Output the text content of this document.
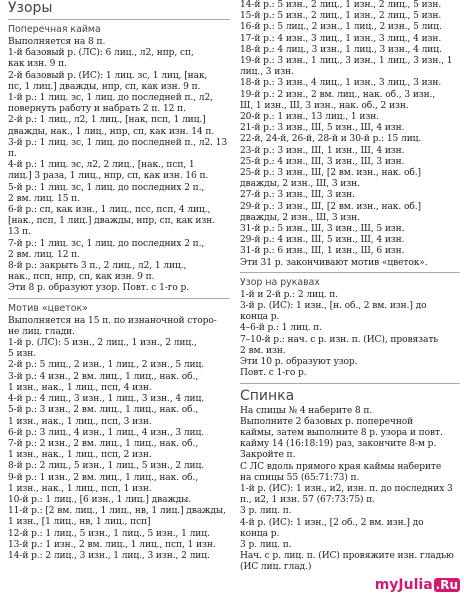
Узоры
Поперечная кайма
Выполняется на 8 п.
1-й базовый р. (ЛС): 6 лиц., л2, нпр, сп,
как изн. 9 п.
2-й базовый р. (ИС): 1 лиц. зс, 1 лиц, [нак,
пс, 1 лиц.] дважды, нпр, сп, как изн. 9 п.
1-й р.: 1 лиц. зс, 1 лиц. до последней п., л2,
повернуть работу и набрать 2 п. 12 п.
2-й р.: 1 лиц., л2, 1 лиц., [нак, псп, 1 лиц.]
дважды, нак., 1 лиц., нпр, сп, как изн. 14 п.
3-й р.: 1 лиц. зс, 1 лиц. до последней п., л2. 13 п.
4-й р.: 1 лиц. зс, л2, 2 лиц., [нак., псп, 1
лиц.] 3 раза, 1 лиц., нпр, сп, как изн. 16 п.
5-й р.: 1 лиц. зс, 1 лиц. до последних 2 п.,
2 вм. лиц. 15 п.
6-й р.: сп, как изн., 1 лиц., псс, псп, 4 лиц.,
[нак., псп, 1 лиц.] дважды, нпр, сп, как изн.
13 п.
7-й р.: 1 лиц. зс, 1 лиц. до последних 2 п.,
2 вм. лиц. 12 п.
8-й р.: закрыть 3 п., 2 лиц., л2, 1 лиц.,
нак., псп, нпр, сп, как изн. 9 п.
Эти 8 р. образуют узор. Повт. с 1-го р.
Мотив «цветок»
Выполняется на 15 п. по изнаночной сторо-
не лиц. глади.
1-й р. (ЛС): 5 изн., 2 лиц., 1 изн., 2 лиц.,
5 изн.
2-й р.: 5 лиц., 2 изн., 1 лиц., 2 изн., 5 лиц.
3-й р.: 4 изн., 2 вм. лиц., 1 лиц., нак. об.,
1 изн., нак., 1 лиц., псп, 4 изн.
4-й р.: 4 лиц., 3 изн., 1 лиц., 3 изн., 4 лиц.
5-й р.: 3 изн., 2 вм. лиц., 1 лиц., нак. об.,
1 изн., нак., 1 лиц., псп, 3 изн.
6-й р.: 3 лиц., 4 изн., 1 лиц., 4 изн., 3 лиц.
7-й р.: 2 изн., 2 вм. лиц., 1 лиц., нак. об.,
1 изн., нак., 1 лиц., псп, 2 изн.
8-й р.: 2 лиц., 5 изн., 1 лиц., 5 изн., 2 лиц.
9-й р.: 1 изн., 2 вм. лиц., 1 лиц., нак. об.,
1 изн., нак., 1 лиц., псп, 1 изн.
10-й р.: 1 лиц., [6 изн., 1 лиц.] дважды.
11-й р.: [2 вм. лиц., 1 лиц., нв, 1 лиц.] дважды, 1 изн., [1 лиц., нв, 1 лиц., псп]
12-й р.: 1 лиц., 5 изн., 1 лиц., 5 изн., 1 лиц.
13-й р.: 1 изн., 2 вм. лиц., 1 лиц., псп, 1 изн.
14-й р.: 2 лиц., 3 изн., 1 лиц., 3 изн., 2 лиц.
14-й р.: 5 изн., 2 лиц., 1 изн., 2 лиц., 5 изн.
15-й р.: 5 изн., 2 лиц., 1 изн., 2 лиц., 5 изн.
16-й р.: 5 лиц., 2 изн., 1 лиц., 2 изн., 5 лиц.
17-й р.: 4 изн., 3 лиц., 1 изн., 3 лиц., 4 изн.
18-й р.: 4 лиц., 3 изн., 1 лиц., 3 изн., 4 лиц.
19-й р.: 3 изн., 1 лиц., 3 изн., 1 лиц., 3 изн., 1 лиц., 3 изн.
18-й р.: 3 изн., 4 лиц., 1 изн., 3 лиц., 3 изн.
19-й р.: 2 изн., 2 вм. лиц., нак. об., 3 изн.,
Ш, 1 изн., Ш, 3 изн., нак. об., 2 изн.
20-й р.: 1 изн., 13 лиц., 1 изн.
21-й р.: 3 изн., Ш, 5 изн., Ш, 4 изн.
22-й, 24-й, 26-й, 28-й и 30-й р.: 15 лиц.
23-й р.: 3 изн., Ш, 1 изн., Ш, 4 изн.
25-й р.: 4 изн., Ш, 3 изн., Ш, 3 изн.
25-й р.: 3 изн., Ш, [2 вм. изн., нак. об.]
дважды, 2 изн., Ш, 3 изн.
27-й р.: 3 изн., Ш, 3 изн.
29-й р.: 3 изн., Ш, [2 вм. изн., нак. об.]
дважды, 2 изн., Ш, 3 изн.
31-й р.: 5 изн., Ш, 3 изн., Ш, 5 изн.
29-й р.: 4 изн., Ш, 5 изн., Ш, 4 изн.
31-й р.: 6 изн., Ш, 1 изн., Ш, 6 изн.
Эти 31 р. закончивают мотив «цветок».
Узор на рукавах
1-й и 2-й р.: 2 лиц. п.
3-й р. (ИС): 1 изн., [н. об., 2 вм. изн.] до
конца р.
4–6-й р.: 1 лиц. п.
7–10-й р.: нач. с р. изн. п. (ИС), провязать
2 вм. изн.
Эти 10 р. образуют узор.
Повт. с 1-го р.
Спинка
На спицы № 4 наберите 8 п.
Выполните 2 базовых р. поперечной
каймы, затем выполните 8 р. узора и повт.
кайму 14 (16:18:19) раз, закончите 8-м р.
Закройте п.
С ЛС вдоль прямого края каймы наберите
на спицы 55 (65:71:73) п.
1-й р. (ИС): 1 изн., и2, изн. п. до последних 3 п., и2, 1 изн. 57 (67:73:75) п.
3 р. лиц. п.
4-й р. (ИС): 1 изн., [2 об., 2 вм. изн.] до
конца р.
3 р. лиц. п.
Нач. с р. лиц. п. (ИС) провяжите изн. гладью (ИС лиц. глад.)
myJulia .Ru
